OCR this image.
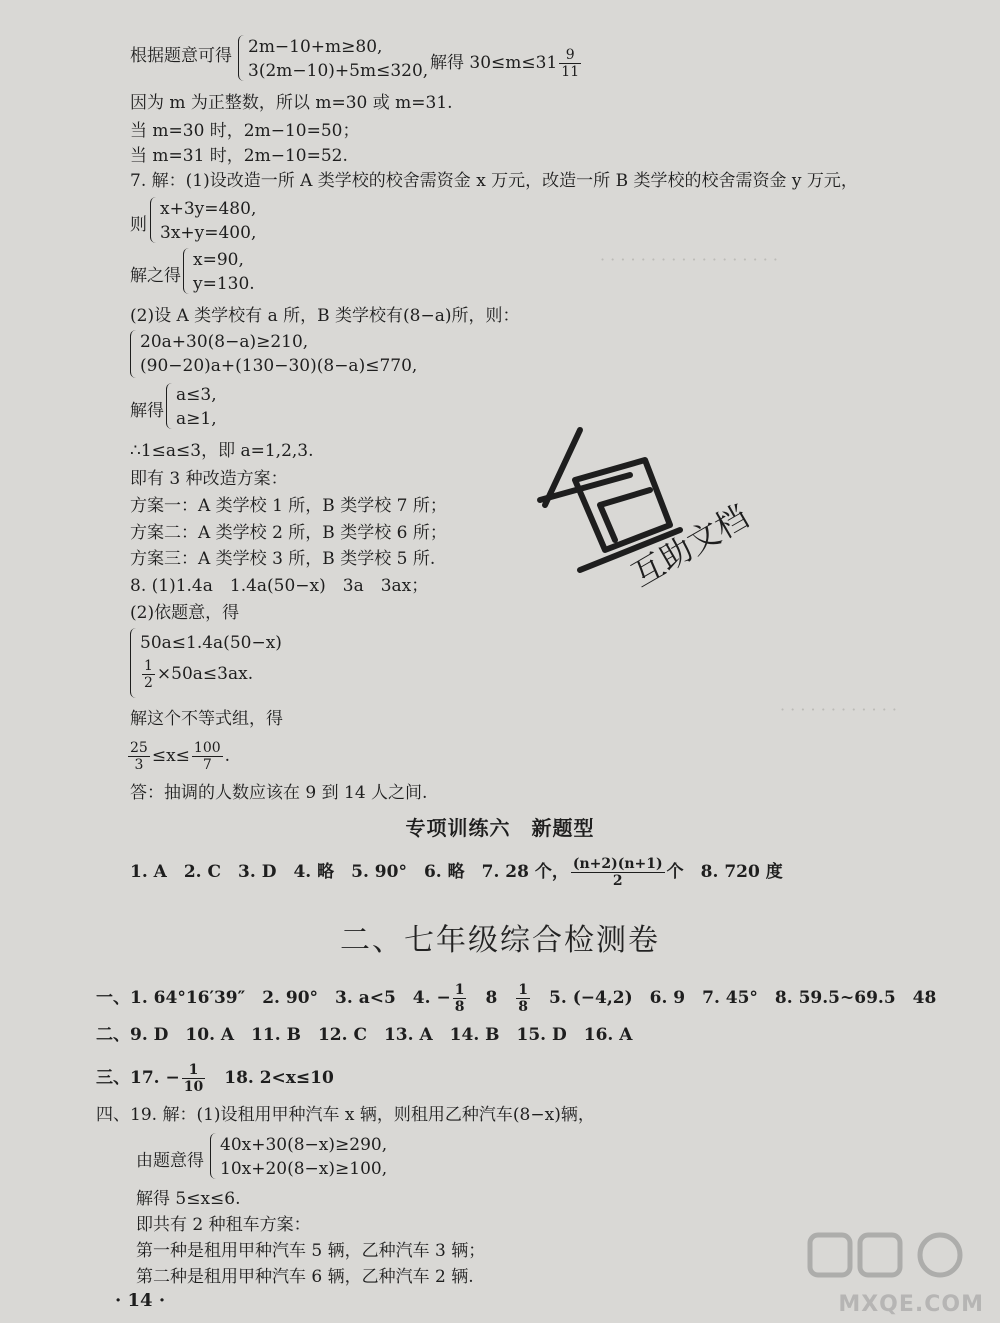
· · · · · · · · · · · · · · · · · ·
· · · · · · · · · · · ·
根据题意可得 2m−10+m≥80,
3(2m−10)+5m≤320, 解得 $30\le m\le 31 \frac{9}{11}$
因为 m 为正整数，所以 m=30 或 m=31.
当 m=30 时，2m−10=50；
当 m=31 时，2m−10=52.
7. 解：(1)设改造一所 A 类学校的校舍需资金 x 万元，改造一所 B 类学校的校舍需资金 y 万元，
则
x+3y=480,
3x+y=400,
解之得
x=90,
y=130.
(2)设 A 类学校有 a 所，B 类学校有(8−a)所，则：
20a+30(8−a)≥210,
(90−20)a+(130−30)(8−a)≤770,
解得
a≤3,
a≥1,
∴1≤a≤3，即 a=1,2,3.
即有 3 种改造方案：
方案一：A 类学校 1 所，B 类学校 7 所；
方案二：A 类学校 2 所，B 类学校 6 所；
方案三：A 类学校 3 所，B 类学校 5 所.
8. (1)1.4a　1.4a(50−x)　3a　3ax；
(2)依题意，得
50a≤1.4a(50−x)
$\frac{1}{2} \times 50a\le 3ax$.
解这个不等式组，得
$\frac{25}{3} \le x\le \frac{100}{7}$ .
答：抽调的人数应该在 9 到 14 人之间.
专项训练六　新题型
1. A　2. C　3. D　4. 略　5. 90°　6. 略　7. 28 个， $\frac{(n+2)(n+1)}{2}$ 个　8. 720 度
二、七年级综合检测卷
一、1. 64°16′39″　2. 90°　3. a<5　4. − $\frac{1}{8}$ 　8　 $\frac{1}{8}$ 　5. (−4,2)　6. 9　7. 45°　8. 59.5~69.5　48
二、9. D　10. A　11. B　12. C　13. A　14. B　15. D　16. A
三、17. − $\frac{1}{10}$ 　18. 2<x≤10
四、19. 解：(1)设租用甲种汽车 x 辆，则租用乙种汽车(8−x)辆，
由题意得
40x+30(8−x)≥290,
10x+20(8−x)≥100,
解得 5≤x≤6.
即共有 2 种租车方案：
第一种是租用甲种汽车 5 辆，乙种汽车 3 辆；
第二种是租用甲种汽车 6 辆，乙种汽车 2 辆.
· 14 ·
互助文档
MXQE.COM
